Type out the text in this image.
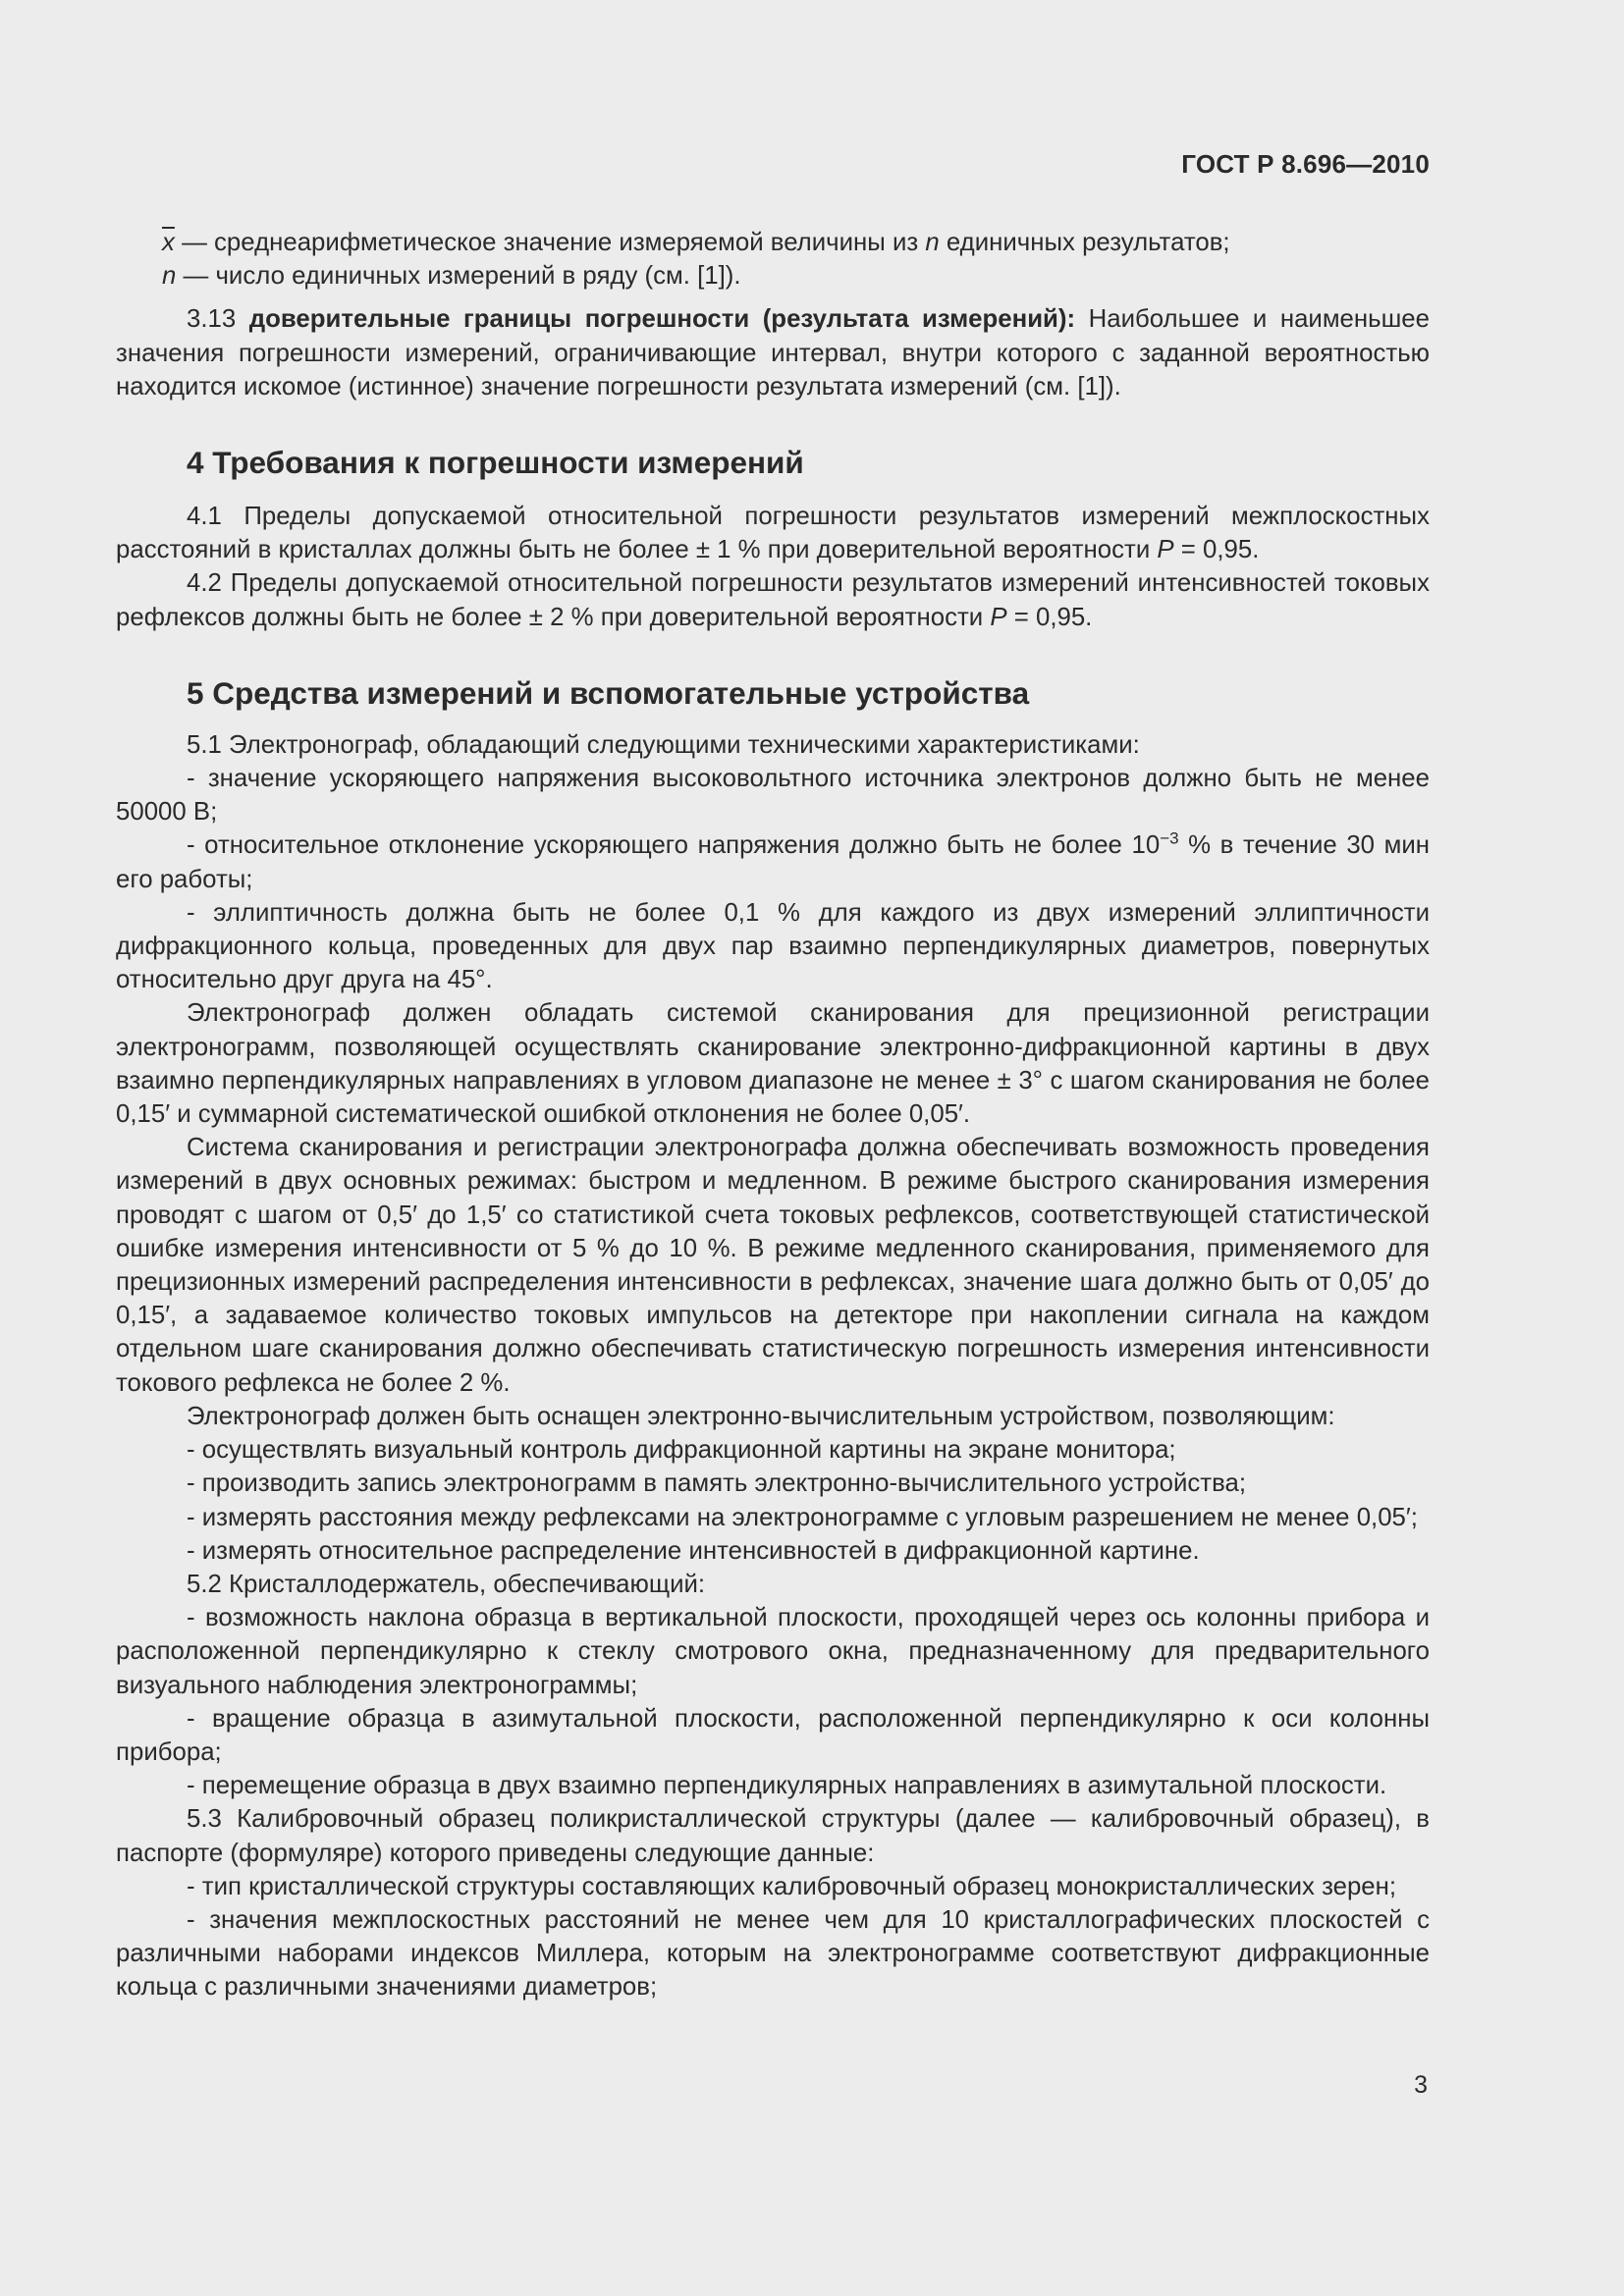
ГОСТ Р 8.696—2010

$\overline{x}$ — среднеарифметическое значение измеряемой величины из n единичных результатов;

n — число единичных измерений в ряду (см. [1]).

3.13 доверительные границы погрешности (результата измерений): Наибольшее и наименьшее значения погрешности измерений, ограничивающие интервал, внутри которого с заданной вероятностью находится искомое (истинное) значение погрешности результата измерений (см. [1]).

4 Требования к погрешности измерений

4.1 Пределы допускаемой относительной погрешности результатов измерений межплоскостных расстояний в кристаллах должны быть не более ± 1 % при доверительной вероятности P = 0,95.

4.2 Пределы допускаемой относительной погрешности результатов измерений интенсивностей токовых рефлексов должны быть не более ± 2 % при доверительной вероятности P = 0,95.

5 Средства измерений и вспомогательные устройства

5.1 Электронограф, обладающий следующими техническими характеристиками:

- значение ускоряющего напряжения высоковольтного источника электронов должно быть не менее 50000 В;

- относительное отклонение ускоряющего напряжения должно быть не более $10^{-3}$ % в течение 30 мин его работы;

- эллиптичность должна быть не более 0,1 % для каждого из двух измерений эллиптичности дифракционного кольца, проведенных для двух пар взаимно перпендикулярных диаметров, повернутых относительно друг друга на 45°.

Электронограф должен обладать системой сканирования для прецизионной регистрации электронограмм, позволяющей осуществлять сканирование электронно-дифракционной картины в двух взаимно перпендикулярных направлениях в угловом диапазоне не менее ± 3° с шагом сканирования не более 0,15′ и суммарной систематической ошибкой отклонения не более 0,05′.

Система сканирования и регистрации электронографа должна обеспечивать возможность проведения измерений в двух основных режимах: быстром и медленном. В режиме быстрого сканирования измерения проводят с шагом от 0,5′ до 1,5′ со статистикой счета токовых рефлексов, соответствующей статистической ошибке измерения интенсивности от 5 % до 10 %. В режиме медленного сканирования, применяемого для прецизионных измерений распределения интенсивности в рефлексах, значение шага должно быть от 0,05′ до 0,15′, а задаваемое количество токовых импульсов на детекторе при накоплении сигнала на каждом отдельном шаге сканирования должно обеспечивать статистическую погрешность измерения интенсивности токового рефлекса не более 2 %.

Электронограф должен быть оснащен электронно-вычислительным устройством, позволяющим:

- осуществлять визуальный контроль дифракционной картины на экране монитора;

- производить запись электронограмм в память электронно-вычислительного устройства;

- измерять расстояния между рефлексами на электронограмме с угловым разрешением не менее 0,05′;

- измерять относительное распределение интенсивностей в дифракционной картине.

5.2 Кристаллодержатель, обеспечивающий:

- возможность наклона образца в вертикальной плоскости, проходящей через ось колонны прибора и расположенной перпендикулярно к стеклу смотрового окна, предназначенному для предварительного визуального наблюдения электронограммы;

- вращение образца в азимутальной плоскости, расположенной перпендикулярно к оси колонны прибора;

- перемещение образца в двух взаимно перпендикулярных направлениях в азимутальной плоскости.

5.3 Калибровочный образец поликристаллической структуры (далее — калибровочный образец), в паспорте (формуляре) которого приведены следующие данные:

- тип кристаллической структуры составляющих калибровочный образец монокристаллических зерен;

- значения межплоскостных расстояний не менее чем для 10 кристаллографических плоскостей с различными наборами индексов Миллера, которым на электронограмме соответствуют дифракционные кольца с различными значениями диаметров;

3
